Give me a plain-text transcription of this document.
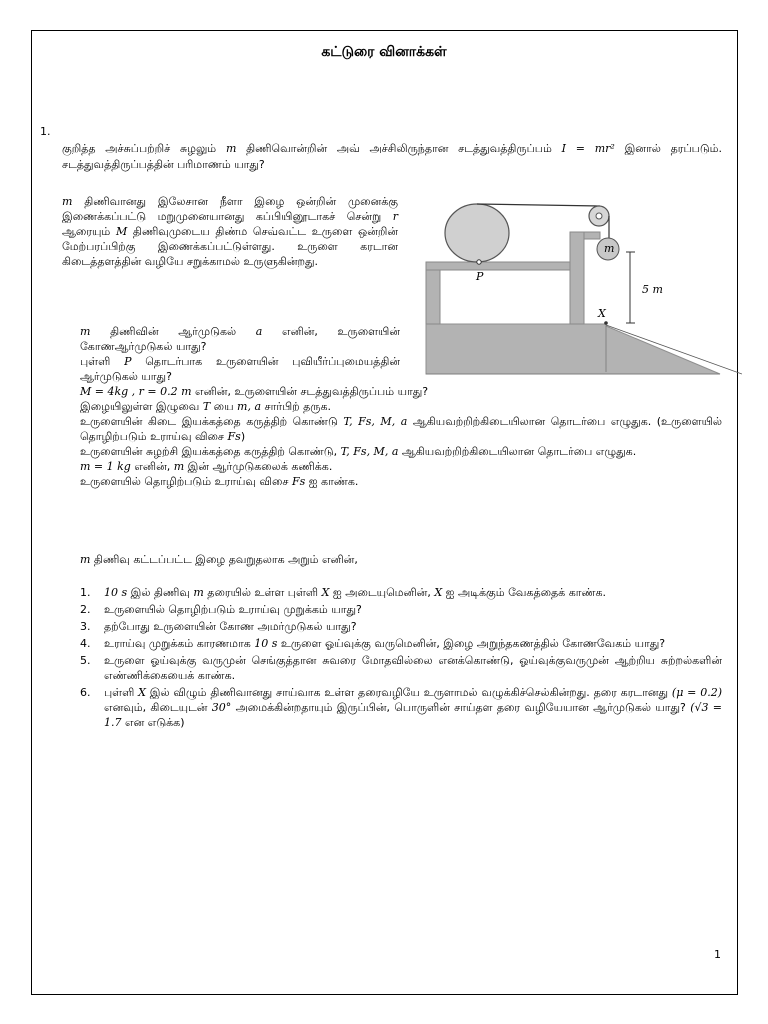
கட்டுரை வினாக்கள்
1.
குறித்த அச்சுப்பற்றிச் சுழலும் m திணிவொன்றின் அவ் அச்சிலிருந்தான சடத்துவத்திருப்பம் I = mr² இனால் தரப்படும். சடத்துவத்திருப்பத்தின் பரிமாணம் யாது?
m திணிவானது இலேசான நீளா இழை ஒன்றின் முனைக்கு இணைக்கப்பட்டு மறுமுனையானது கப்பியினூடாகச் சென்று r ஆரையும் M திணிவுமுடைய திண்ம செவ்வட்ட உருளை ஒன்றின் மேற்பரப்பிற்கு இணைக்கப்பட்டுள்ளது. உருளை கரடான கிடைத்தளத்தின் வழியே சறுக்காமல் உருளுகின்றது.
m
P
X
5 m
m திணிவின் ஆர்முடுகல் a எனின், உருளையின் கோணஆர்முடுகல் யாது?
புள்ளி P தொடர்பாக உருளையின் புவியீர்ப்புமையத்தின் ஆர்முடுகல் யாது?
M = 4kg , r = 0.2 m எனின், உருளையின் சடத்துவத்திருப்பம் யாது?
இழையிலுள்ள இழுவை T யை m, a சார்பிற் தருக.
உருளையின் கிடை இயக்கத்தை கருத்திற் கொண்டு T, Fs, M, a ஆகியவற்றிற்கிடையிலான தொடர்பை எழுதுக. (உருளையில் தொழிற்படும் உராய்வு விசை Fs)
உருளையின் சுழற்சி இயக்கத்தை கருத்திற் கொண்டு, T, Fs, M, a ஆகியவற்றிற்கிடையிலான தொடர்பை எழுதுக.
m = 1 kg எனின், m இன் ஆர்முடுகலைக் கணிக்க.
உருளையில் தொழிற்படும் உராய்வு விசை Fs ஐ காண்க.
m திணிவு கட்டப்பட்ட இழை தவறுதலாக அறும் எனின்,
1.	10 s இல் திணிவு m தரையில் உள்ள புள்ளி X ஐ அடையுமெனின், X ஐ அடிக்கும் வேகத்தைக் காண்க.
2.	உருளையில் தொழிற்படும் உராய்வு முறுக்கம் யாது?
3.	தற்போது உருளையின் கோண அமர்முடுகல் யாது?
4.	உராய்வு முறுக்கம் காரணமாக 10 s உருளை ஓய்வுக்கு வருமெனின், இழை அறுந்தகணத்தில் கோணவேகம் யாது?
5.	உருளை ஓய்வுக்கு வருமுன் செங்குத்தான சுவரை மோதவில்லை எனக்கொண்டு, ஓய்வுக்குவருமுன் ஆற்றிய சுற்றல்களின் எண்ணிக்கையைக் காண்க.
6.	புள்ளி X இல் விழும் திணிவானது சாய்வாக உள்ள தரைவழியே உருளாமல் வழுக்கிச்செல்கின்றது. தரை கரடானது (μ = 0.2) எனவும், கிடையுடன் 30° அமைக்கின்றதாயும் இருப்பின், பொருளின் சாய்தள தரை வழியேயான ஆர்முடுகல் யாது? (√3 = 1.7 என எடுக்க)
1
